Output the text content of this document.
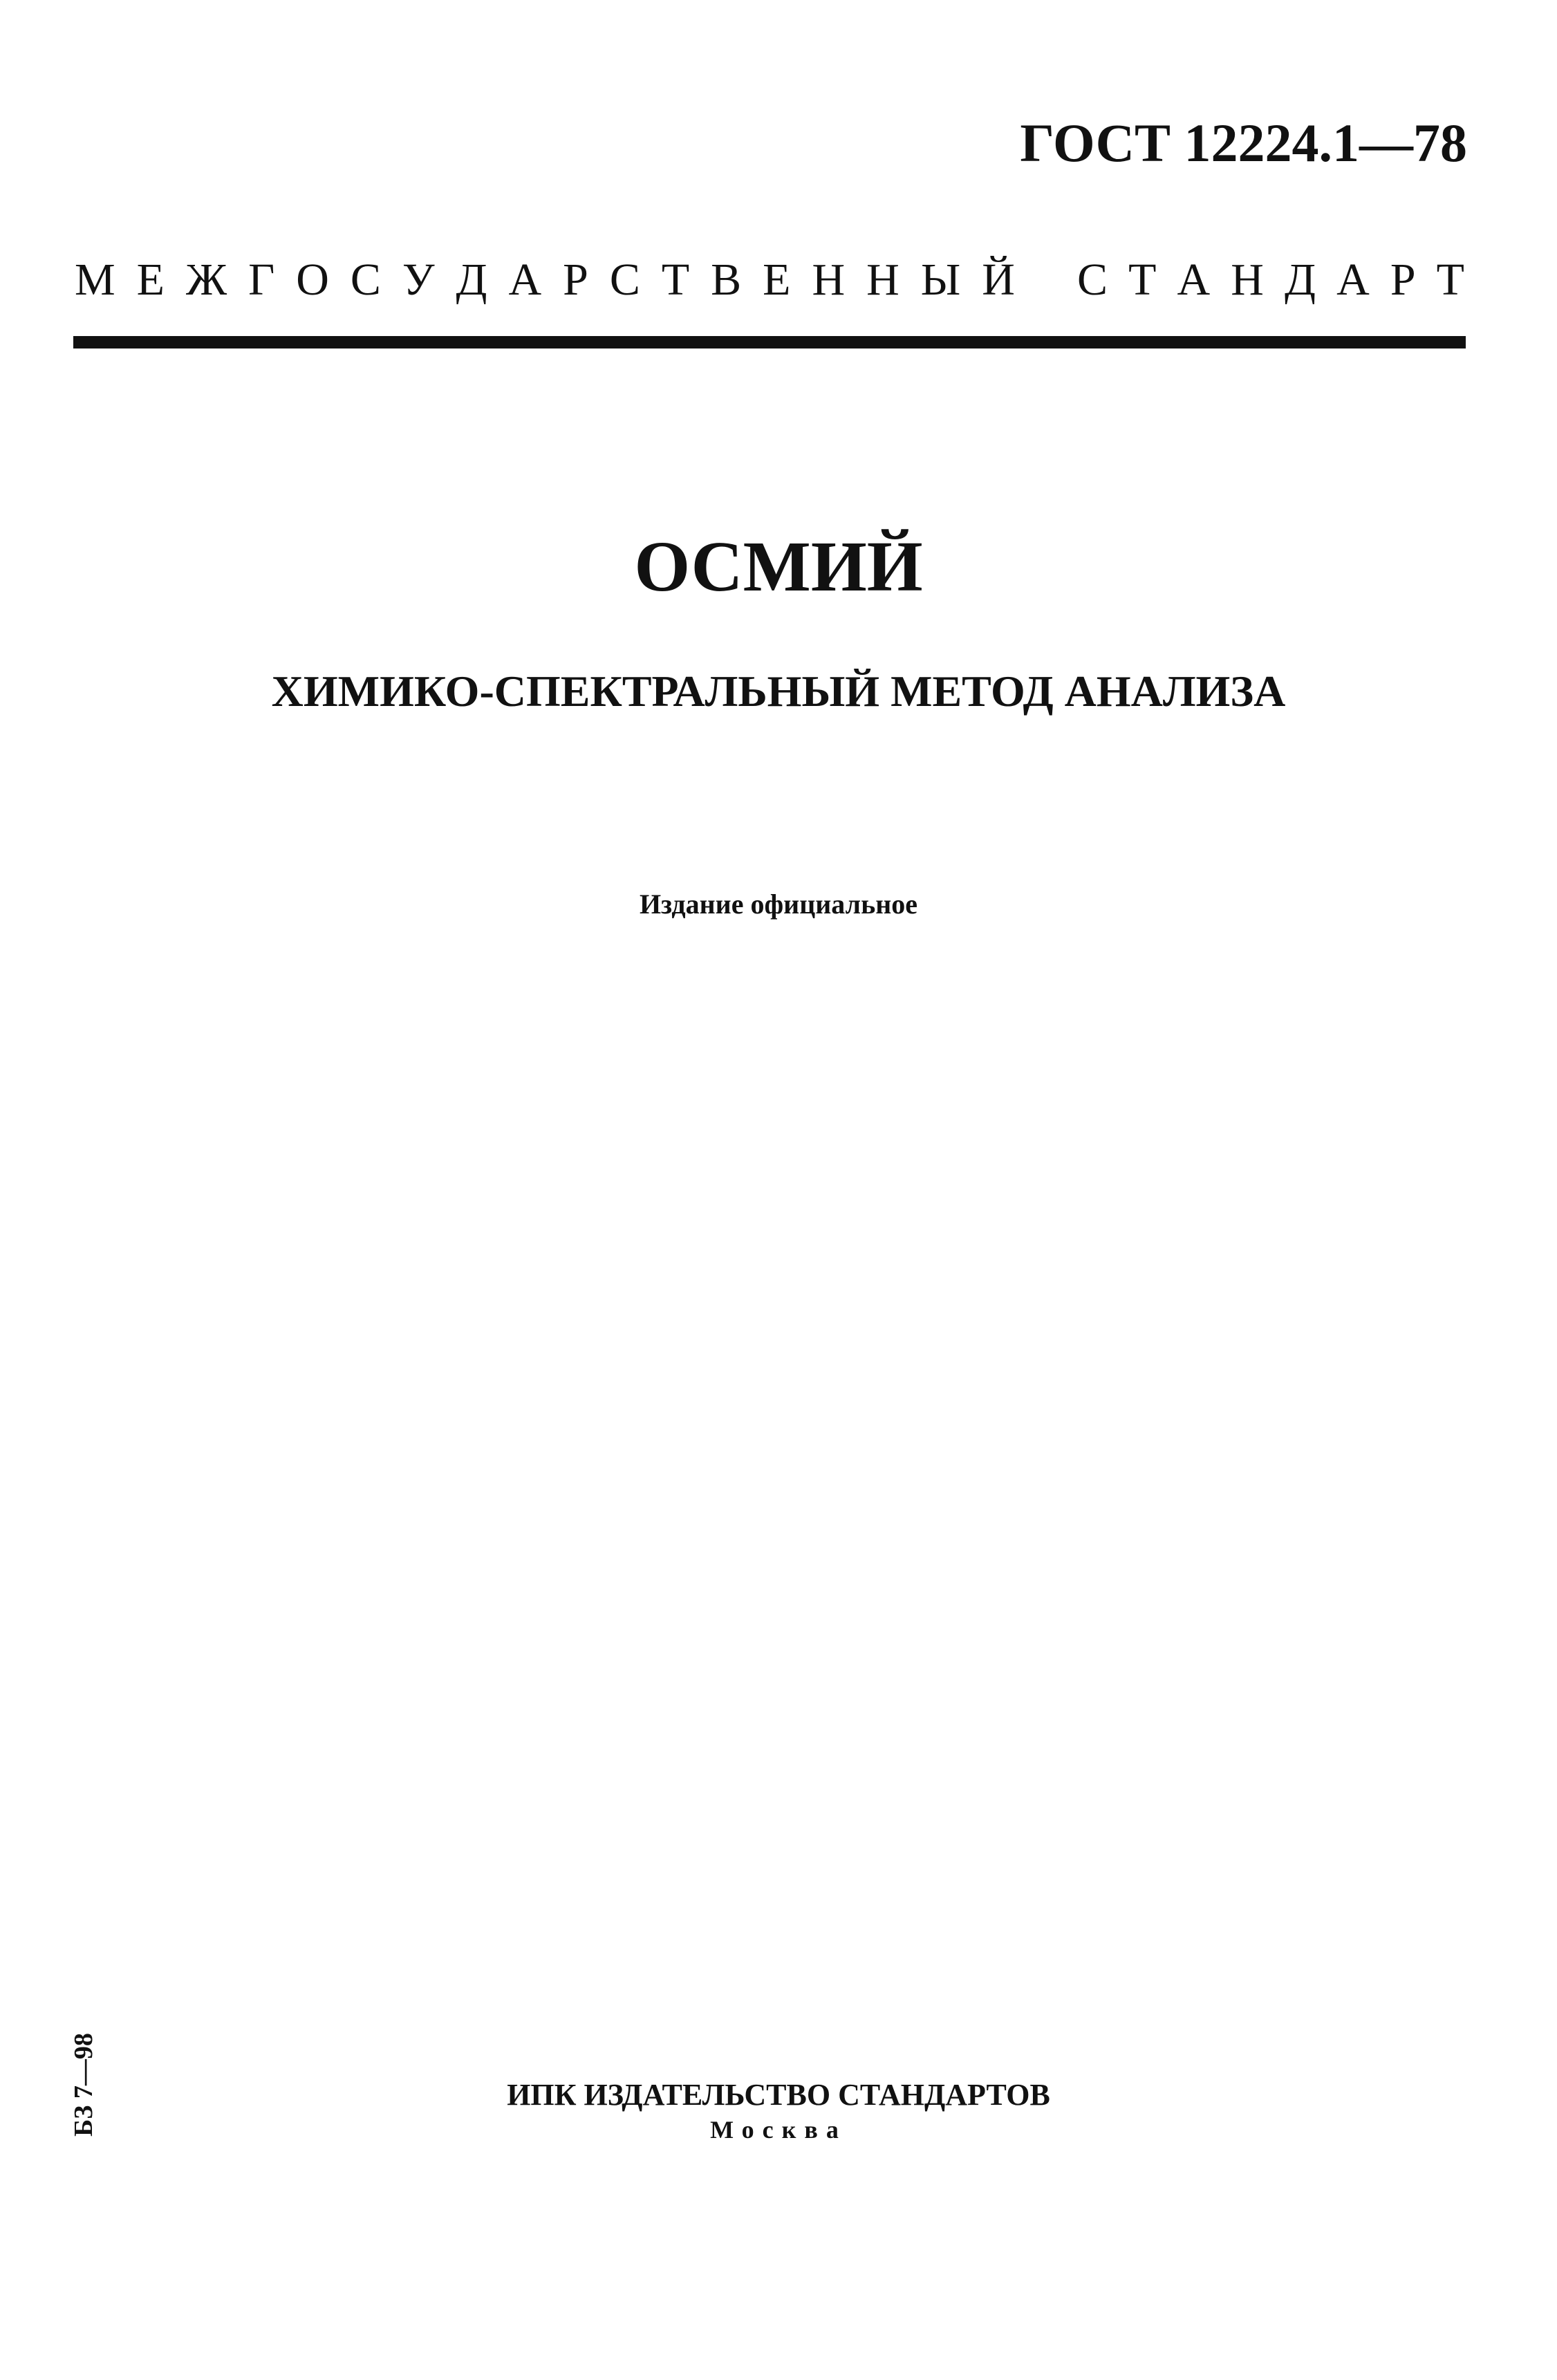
ГОСТ 12224.1—78
М Е Ж Г О С У Д А Р С Т В Е Н Н Ы Й С Т А Н Д А Р Т
ОСМИЙ
ХИМИКО-СПЕКТРАЛЬНЫЙ МЕТОД АНАЛИЗА
Издание официальное
БЗ 7—98	ИПК ИЗДАТЕЛЬСТВО СТАНДАРТОВ
Москва
